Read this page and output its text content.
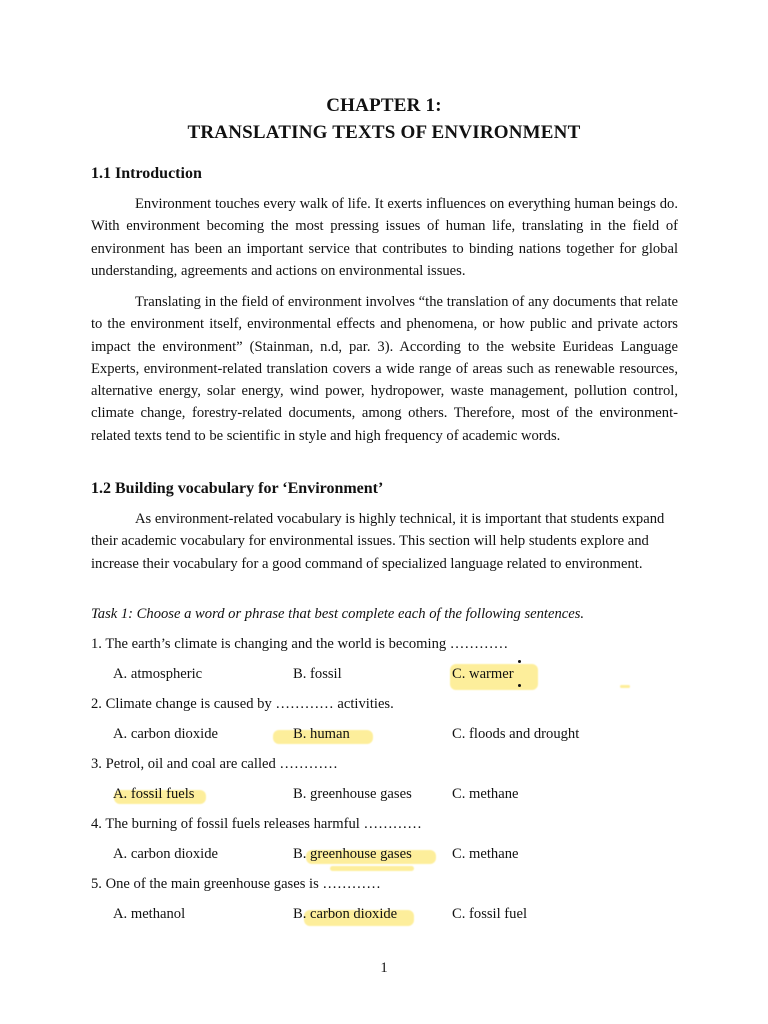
CHAPTER 1:
TRANSLATING TEXTS OF ENVIRONMENT
1.1 Introduction

Environment touches every walk of life. It exerts influences on everything human beings do. With environment becoming the most pressing issues of human life, translating in the field of environment has been an important service that contributes to binding nations together for global understanding, agreements and actions on environmental issues.

Translating in the field of environment involves “the translation of any documents that relate to the environment itself, environmental effects and phenomena, or how public and private actors impact the environment” (Stainman, n.d, par. 3). According to the website Eurideas Language Experts, environment-related translation covers a wide range of areas such as renewable resources, alternative energy, solar energy, wind power, hydropower, waste management, pollution control, climate change, forestry-related documents, among others. Therefore, most of the environment-related texts tend to be scientific in style and high frequency of academic words.

1.2 Building vocabulary for ‘Environment’

As environment-related vocabulary is highly technical, it is important that students expand their academic vocabulary for environmental issues. This section will help students explore and increase their vocabulary for a good command of specialized language related to environment.

Task 1: Choose a word or phrase that best complete each of the following sentences.
1. The earth’s climate is changing and the world is becoming …………
A. atmospheric	B. fossil	C. warmer
2. Climate change is caused by ………… activities.
A. carbon dioxide	B. human	C. floods and drought
3. Petrol, oil and coal are called …………
A. fossil fuels	B. greenhouse gases	C. methane
4. The burning of fossil fuels releases harmful …………
A. carbon dioxide	B. greenhouse gases	C. methane
5. One of the main greenhouse gases is …………
A. methanol	B. carbon dioxide	C. fossil fuel
1
